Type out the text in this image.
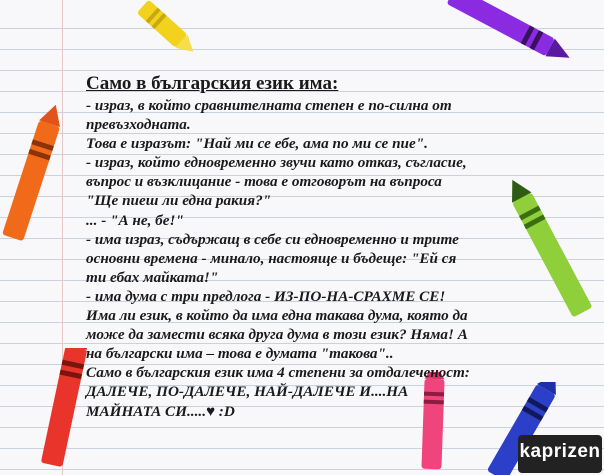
Само в българския език има:
- израз, в който сравнителната степен е по-силна от
превъзходната.
Това е изразът: "Най ми се ебе, ама по ми се пие".
- израз, който едновременно звучи като отказ, съгласие,
въпрос и възклицание - това е отговорът на въпроса
"Ще пиеш ли една ракия?"
... - "А не, бе!"
- има израз, съдържащ в себе си едновременно и трите
основни времена - минало, настояще и бъдеще: "Ей ся
ти ебах майката!"
- има дума с три предлога - ИЗ-ПО-НА-СРАХМЕ СЕ!
Има ли език, в който да има една такава дума, която да
може да замести всяка друга дума в този език? Няма! А
на български има – това е думата "такова"..
Само в българския език има 4 степени за отдалеченост:
ДАЛЕЧЕ, ПО-ДАЛЕЧЕ, НАЙ-ДАЛЕЧЕ И....НА
МАЙНАТА СИ.....♥ :D
kaprizen
